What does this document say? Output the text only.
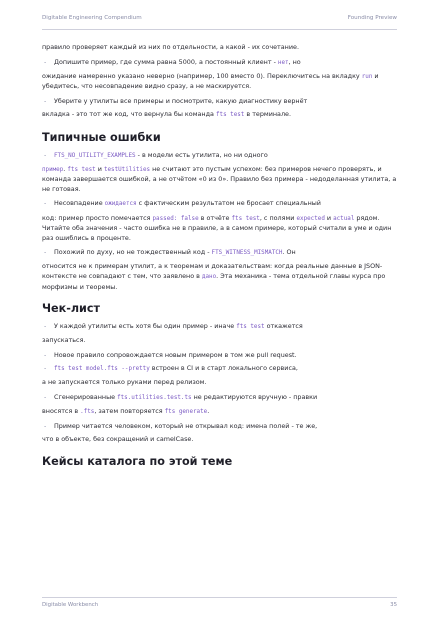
Digitable Engineering Compendium	Founding Preview

правило проверяет каждый из них по отдельности, а какой - их сочетание.

- Допишите пример, где сумма равна 5000, а постоянный клиент - нет, но

ожидание намеренно указано неверно (например, 100 вместо 0). Переключитесь на вкладку run и убедитесь, что несовпадение видно сразу, а не маскируется.

- Уберите у утилиты все примеры и посмотрите, какую диагностику вернёт

вкладка - это тот же код, что вернула бы команда fts test в терминале.

Типичные ошибки

- FTS_NO_UTILITY_EXAMPLES - в модели есть утилита, но ни одного

пример. fts test и testUtilities не считают это пустым успехом: без примеров нечего проверять, и команда завершается ошибкой, а не отчётом «0 из 0». Правило без примера - недоделанная утилита, а не готовая.

- Несовпадение ожидается с фактическим результатом не бросает специальный

код: пример просто помечается passed: false в отчёте fts test, с полями expected и actual рядом. Читайте оба значения - часто ошибка не в правиле, а в самом примере, который считали в уме и один раз ошиблись в проценте.

- Похожий по духу, но не тождественный код - FTS_WITNESS_MISMATCH. Он

относится не к примерам утилит, а к теоремам и доказательствам: когда реальные данные в JSON-контексте не совпадают с тем, что заявлено в дано. Эта механика - тема отдельной главы курса про морфизмы и теоремы.

Чек-лист

- У каждой утилиты есть хотя бы один пример - иначе fts test откажется

запускаться.

- Новое правило сопровождается новым примером в том же pull request.

- fts test model.fts --pretty встроен в CI и в старт локального сервиса,

а не запускается только руками перед релизом.

- Сгенерированные fts.utilities.test.ts не редактируются вручную - правки

вносятся в .fts, затем повторяется fts generate.

- Пример читается человеком, который не открывал код: имена полей - те же,

что в объекте, без сокращений и camelCase.

Кейсы каталога по этой теме
Digitable Workbench	35
